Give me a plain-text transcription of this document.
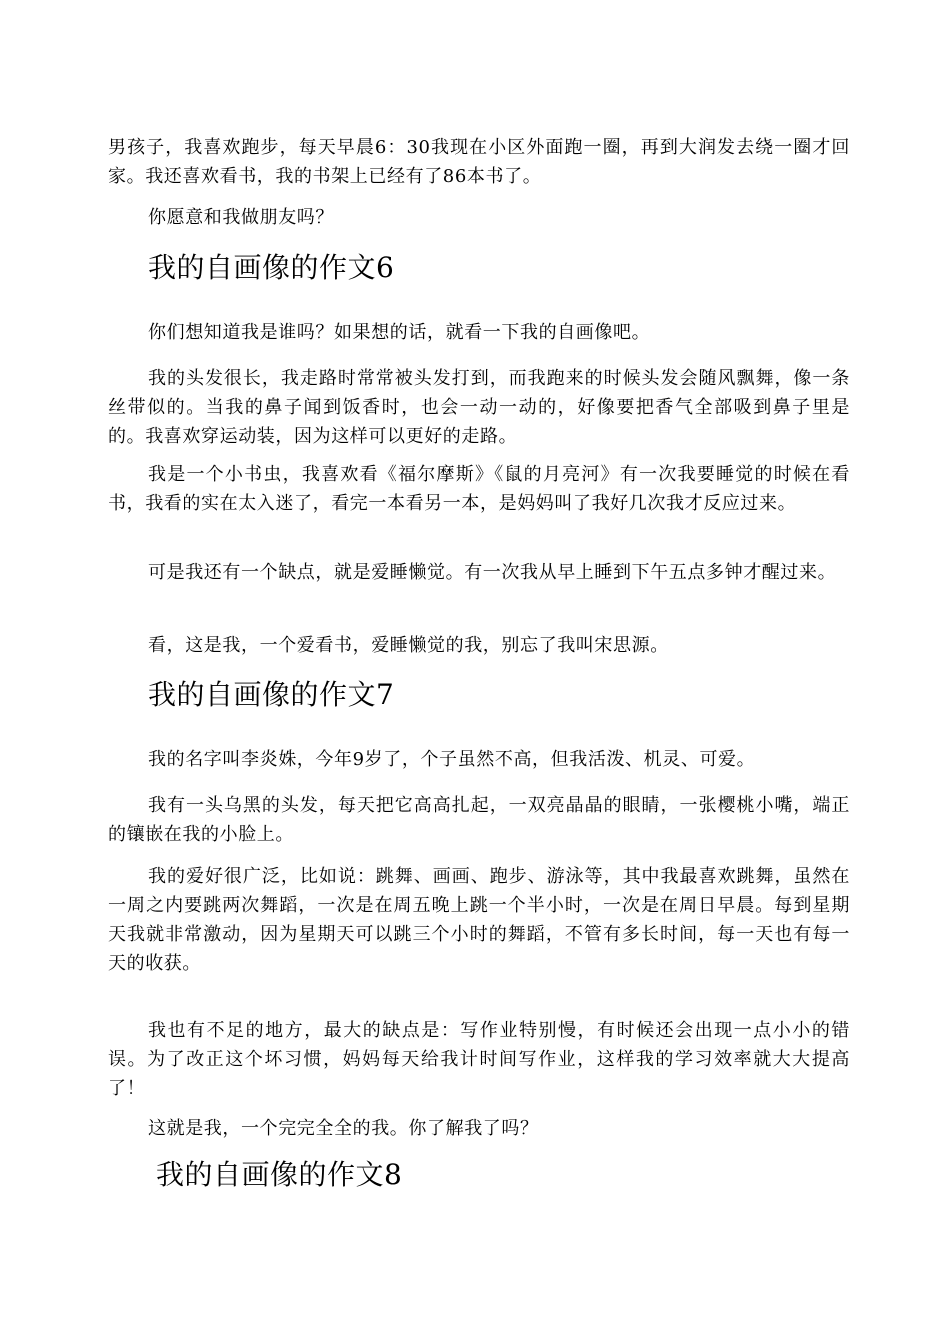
男孩子，我喜欢跑步，每天早晨6：30我现在小区外面跑一圈，再到大润发去绕一圈才回家。我还喜欢看书，我的书架上已经有了86本书了。

你愿意和我做朋友吗？

我的自画像的作文6

你们想知道我是谁吗？如果想的话，就看一下我的自画像吧。

我的头发很长，我走路时常常被头发打到，而我跑来的时候头发会随风飘舞，像一条丝带似的。当我的鼻子闻到饭香时，也会一动一动的，好像要把香气全部吸到鼻子里是的。我喜欢穿运动装，因为这样可以更好的走路。

我是一个小书虫，我喜欢看《福尔摩斯》《鼠的月亮河》有一次我要睡觉的时候在看书，我看的实在太入迷了，看完一本看另一本，是妈妈叫了我好几次我才反应过来。

可是我还有一个缺点，就是爱睡懒觉。有一次我从早上睡到下午五点多钟才醒过来。

看，这是我，一个爱看书，爱睡懒觉的我，别忘了我叫宋思源。

我的自画像的作文7

我的名字叫李炎姝，今年9岁了，个子虽然不高，但我活泼、机灵、可爱。

我有一头乌黑的头发，每天把它高高扎起，一双亮晶晶的眼睛，一张樱桃小嘴，端正的镶嵌在我的小脸上。

我的爱好很广泛，比如说：跳舞、画画、跑步、游泳等，其中我最喜欢跳舞，虽然在一周之内要跳两次舞蹈，一次是在周五晚上跳一个半小时，一次是在周日早晨。每到星期天我就非常激动，因为星期天可以跳三个小时的舞蹈，不管有多长时间，每一天也有每一天的收获。

我也有不足的地方，最大的缺点是：写作业特别慢，有时候还会出现一点小小的错误。为了改正这个坏习惯，妈妈每天给我计时间写作业，这样我的学习效率就大大提高了！

这就是我，一个完完全全的我。你了解我了吗？

我的自画像的作文8
